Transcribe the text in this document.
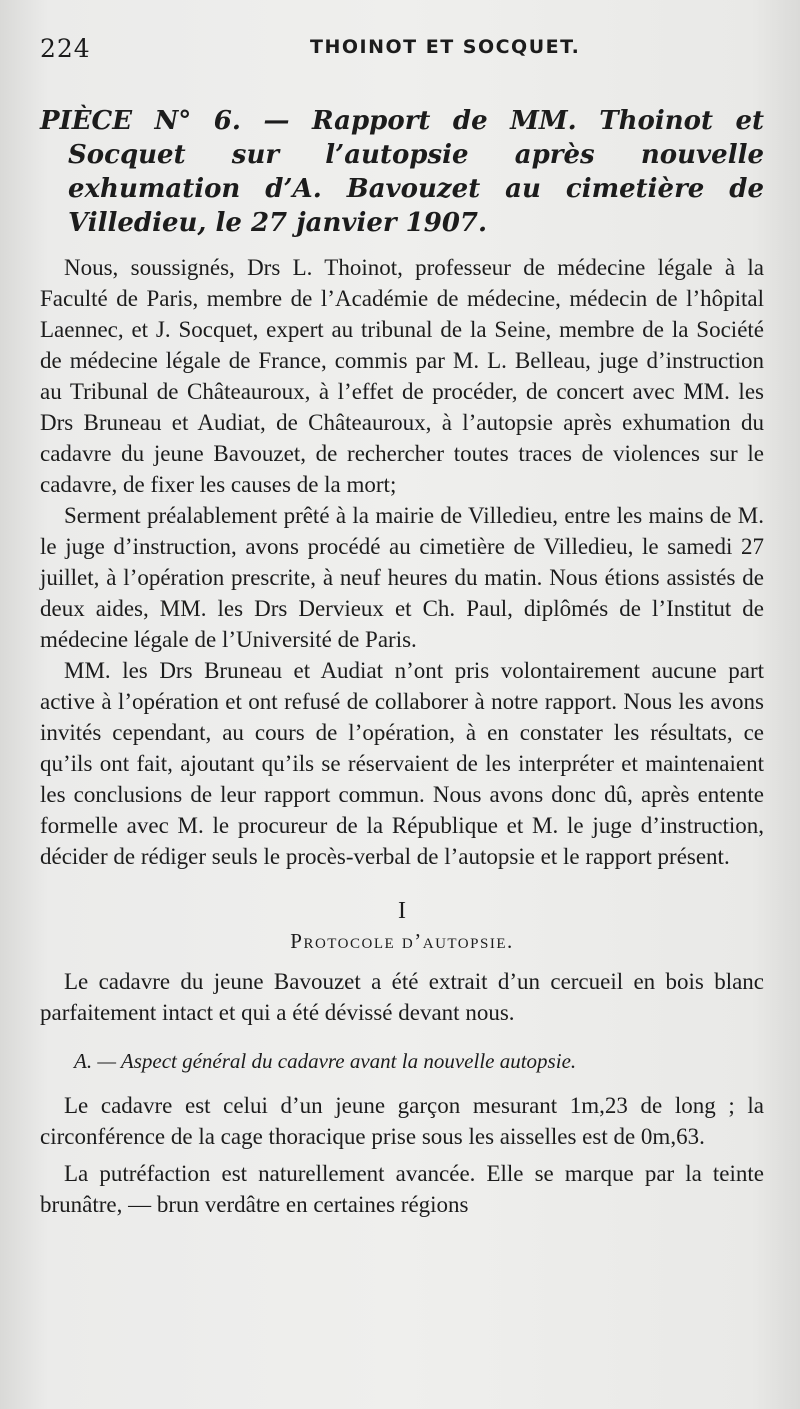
224	THOINOT ET SOCQUET.
PIÈCE N° 6. — Rapport de MM. Thoinot et Socquet sur l’autopsie après nouvelle exhumation d’A. Bavouzet au cimetière de Villedieu, le 27 janvier 1907.

Nous, soussignés, Drs L. Thoinot, professeur de médecine légale à la Faculté de Paris, membre de l’Académie de médecine, médecin de l’hôpital Laennec, et J. Socquet, expert au tribunal de la Seine, membre de la Société de médecine légale de France, commis par M. L. Belleau, juge d’instruction au Tribunal de Châteauroux, à l’effet de procéder, de concert avec MM. les Drs Bruneau et Audiat, de Châteauroux, à l’autopsie après exhumation du cadavre du jeune Bavouzet, de rechercher toutes traces de violences sur le cadavre, de fixer les causes de la mort;

Serment préalablement prêté à la mairie de Villedieu, entre les mains de M. le juge d’instruction, avons procédé au cimetière de Villedieu, le samedi 27 juillet, à l’opération prescrite, à neuf heures du matin. Nous étions assistés de deux aides, MM. les Drs Dervieux et Ch. Paul, diplômés de l’Institut de médecine légale de l’Université de Paris.

MM. les Drs Bruneau et Audiat n’ont pris volontairement aucune part active à l’opération et ont refusé de collaborer à notre rapport. Nous les avons invités cependant, au cours de l’opération, à en constater les résultats, ce qu’ils ont fait, ajoutant qu’ils se réservaient de les interpréter et maintenaient les conclusions de leur rapport commun. Nous avons donc dû, après entente formelle avec M. le procureur de la République et M. le juge d’instruction, décider de rédiger seuls le procès-verbal de l’autopsie et le rapport présent.

I
Protocole d’autopsie.

Le cadavre du jeune Bavouzet a été extrait d’un cercueil en bois blanc parfaitement intact et qui a été dévissé devant nous.

A. — Aspect général du cadavre avant la nouvelle autopsie.

Le cadavre est celui d’un jeune garçon mesurant 1m,23 de long ; la circonférence de la cage thoracique prise sous les aisselles est de 0m,63.

La putréfaction est naturellement avancée. Elle se marque par la teinte brunâtre, — brun verdâtre en certaines régions
